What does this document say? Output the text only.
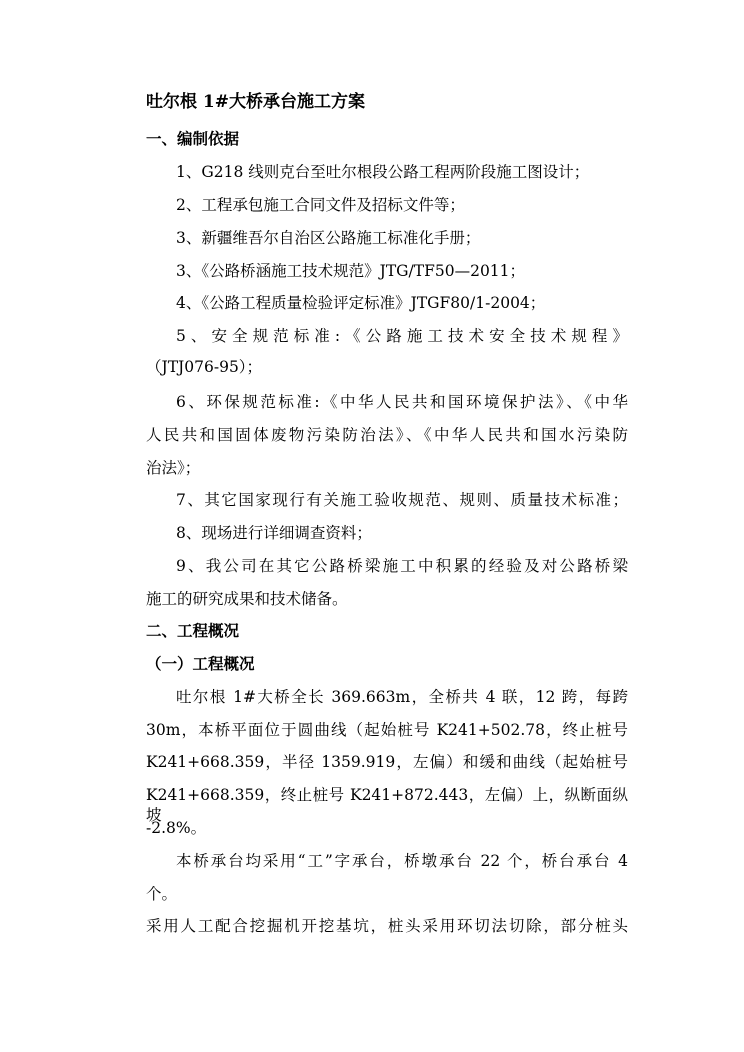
吐尔根 1#大桥承台施工方案
一、编制依据
1、G218 线则克台至吐尔根段公路工程两阶段施工图设计；
2、工程承包施工合同文件及招标文件等；
3、新疆维吾尔自治区公路施工标准化手册；
3、《公路桥涵施工技术规范》JTG/TF50—2011；
4、《公路工程质量检验评定标准》JTGF80/1-2004；
5、安全规范标准:《公路施工技术安全技术规程》
（JTJ076-95）；
6、环保规范标准:《中华人民共和国环境保护法》、《中华
人民共和国固体废物污染防治法》、《中华人民共和国水污染防
治法》；
7、其它国家现行有关施工验收规范、规则、质量技术标准；
8、现场进行详细调查资料；
9、我公司在其它公路桥梁施工中积累的经验及对公路桥梁
施工的研究成果和技术储备。
二、工程概况
（一）工程概况
吐尔根 1#大桥全长 369.663m，全桥共 4 联，12 跨，每跨
30m，本桥平面位于圆曲线（起始桩号 K241+502.78，终止桩号
K241+668.359，半径 1359.919，左偏）和缓和曲线（起始桩号
K241+668.359，终止桩号 K241+872.443，左偏）上，纵断面纵坡
-2.8%。
本桥承台均采用“工”字承台，桥墩承台 22 个，桥台承台 4
个。
采用人工配合挖掘机开挖基坑，桩头采用环切法切除，部分桩头
